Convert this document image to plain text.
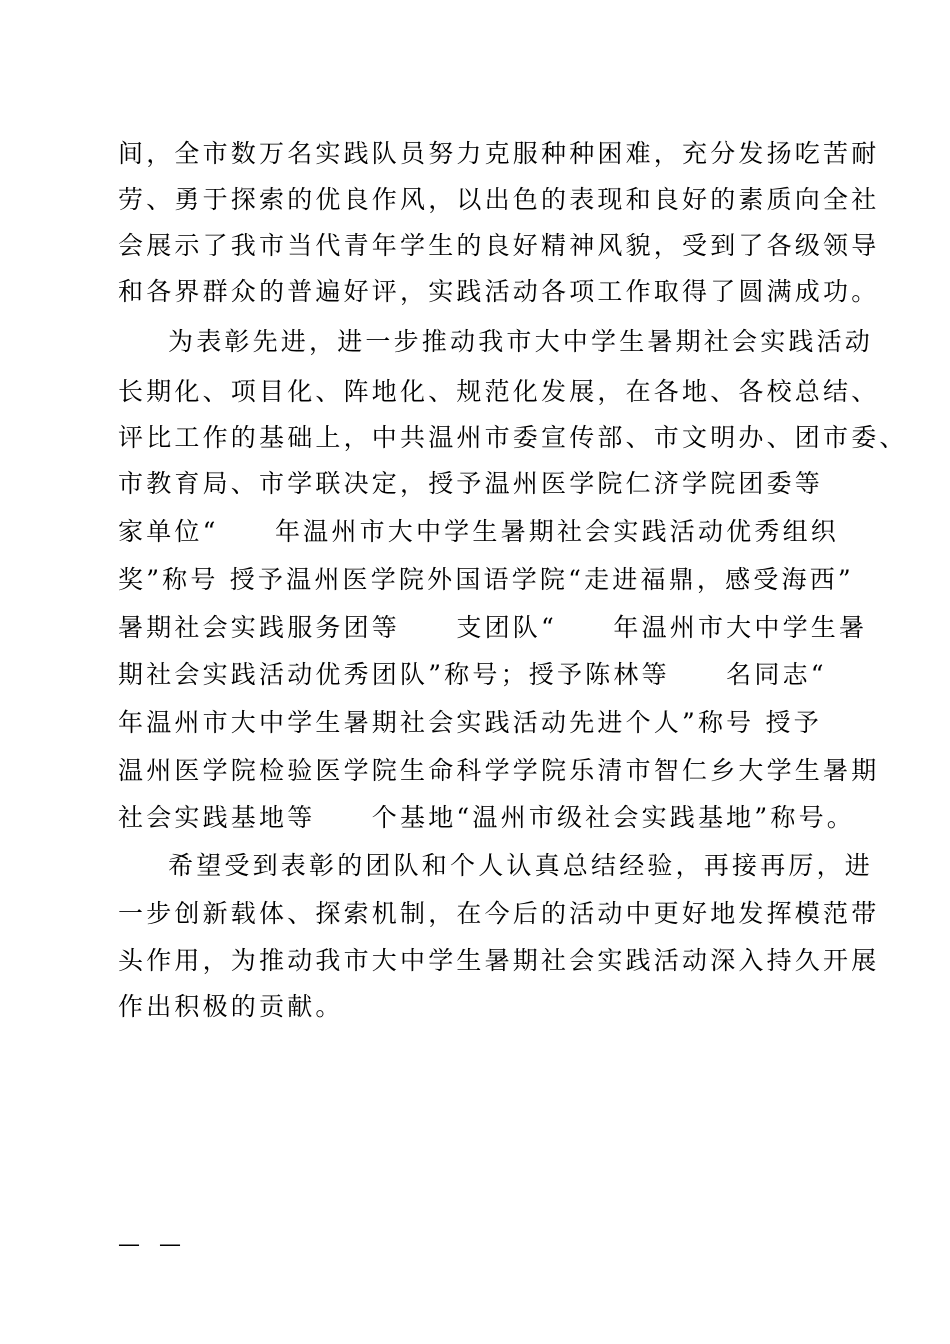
间，全市数万名实践队员努力克服种种困难，充分发扬吃苦耐
劳、勇于探索的优良作风，以出色的表现和良好的素质向全社
会展示了我市当代青年学生的良好精神风貌，受到了各级领导
和各界群众的普遍好评，实践活动各项工作取得了圆满成功。
为表彰先进，进一步推动我市大中学生暑期社会实践活动
长期化、项目化、阵地化、规范化发展，在各地、各校总结、
评比工作的基础上，中共温州市委宣传部、市文明办、团市委、
市教育局、市学联决定，授予温州医学院仁济学院团委等
家单位“　　年温州市大中学生暑期社会实践活动优秀组织
奖”称号 授予温州医学院外国语学院“走进福鼎，感受海西”
暑期社会实践服务团等　　支团队“　　年温州市大中学生暑
期社会实践活动优秀团队”称号；授予陈林等　　名同志“
年温州市大中学生暑期社会实践活动先进个人”称号 授予
温州医学院检验医学院生命科学学院乐清市智仁乡大学生暑期
社会实践基地等　　个基地“温州市级社会实践基地”称号。
希望受到表彰的团队和个人认真总结经验，再接再厉，进
一步创新载体、探索机制，在今后的活动中更好地发挥模范带
头作用，为推动我市大中学生暑期社会实践活动深入持久开展
作出积极的贡献。
— —
